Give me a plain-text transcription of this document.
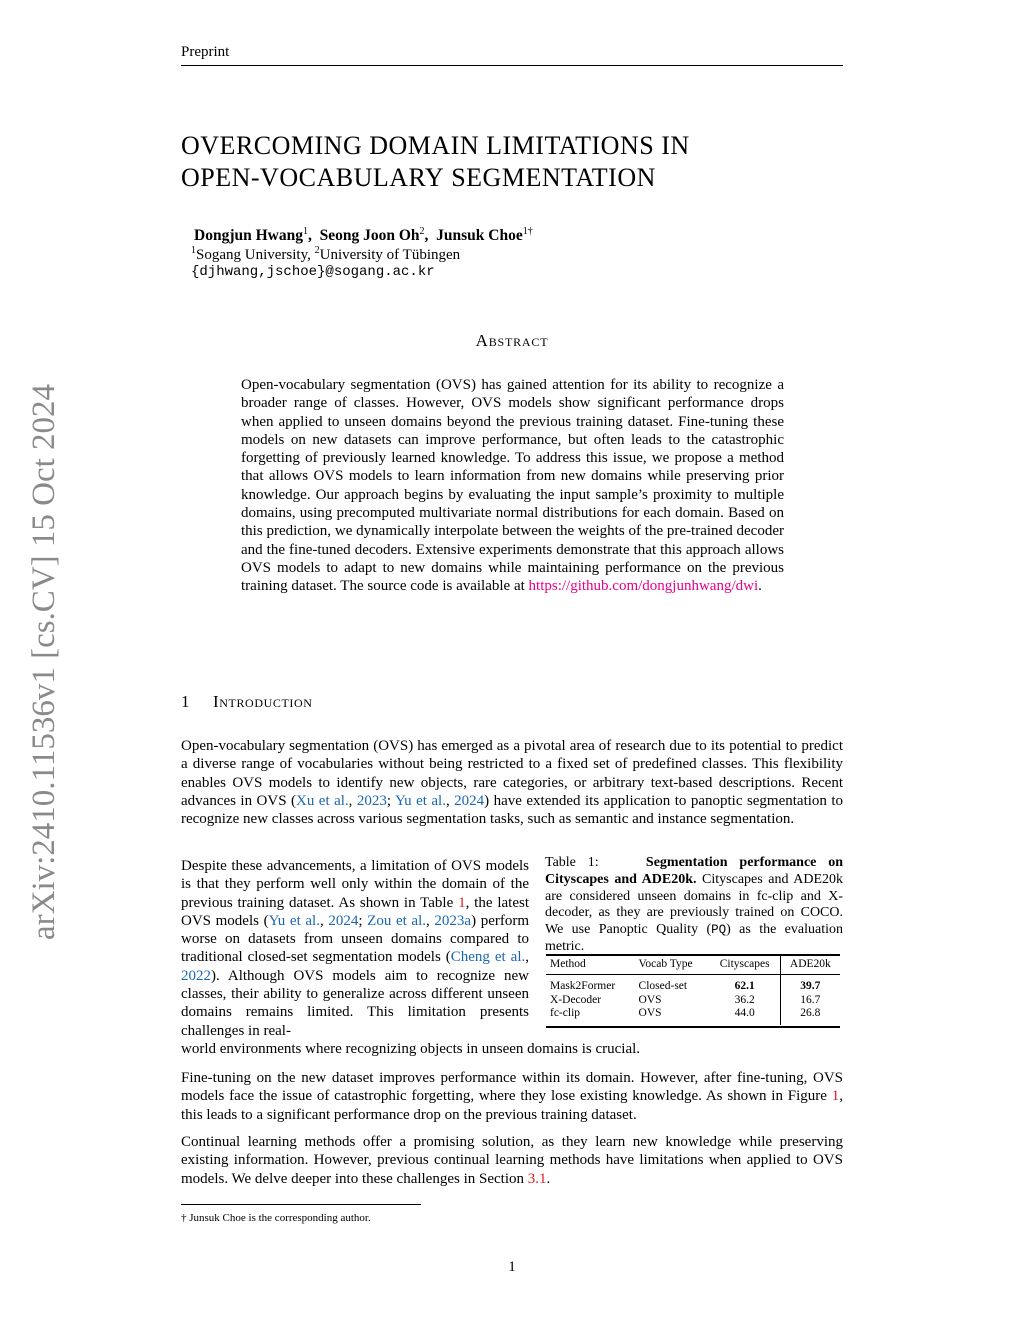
Preprint
arXiv:2410.11536v1 [cs.CV] 15 Oct 2024
OVERCOMING DOMAIN LIMITATIONS IN
OPEN-VOCABULARY SEGMENTATION
Dongjun Hwang$^1$,  Seong Joon Oh$^2$,  Junsuk Choe$^{1\dagger}$
$^1$Sogang University, $^2$University of Tübingen
{djhwang,jschoe}@sogang.ac.kr
Abstract

Open-vocabulary segmentation (OVS) has gained attention for its ability to recognize a broader range of classes. However, OVS models show significant performance drops when applied to unseen domains beyond the previous training dataset. Fine-tuning these models on new datasets can improve performance, but often leads to the catastrophic forgetting of previously learned knowledge. To address this issue, we propose a method that allows OVS models to learn information from new domains while preserving prior knowledge. Our approach begins by evaluating the input sample’s proximity to multiple domains, using precomputed multivariate normal distributions for each domain. Based on this prediction, we dynamically interpolate between the weights of the pre-trained decoder and the fine-tuned decoders. Extensive experiments demonstrate that this approach allows OVS models to adapt to new domains while maintaining performance on the previous training dataset. The source code is available at https://github.com/dongjunhwang/dwi.

1 Introduction

Open-vocabulary segmentation (OVS) has emerged as a pivotal area of research due to its potential to predict a diverse range of vocabularies without being restricted to a fixed set of predefined classes. This flexibility enables OVS models to identify new objects, rare categories, or arbitrary text-based descriptions. Recent advances in OVS (Xu et al., 2023; Yu et al., 2024) have extended its application to panoptic segmentation to recognize new classes across various segmentation tasks, such as semantic and instance segmentation.

Despite these advancements, a limitation of OVS models is that they perform well only within the domain of the previous training dataset. As shown in Table 1, the latest OVS models (Yu et al., 2024; Zou et al., 2023a) perform worse on datasets from unseen domains compared to traditional closed-set segmentation models (Cheng et al., 2022). Although OVS models aim to recognize new classes, their ability to generalize across different unseen domains remains limited. This limitation presents challenges in real-

world environments where recognizing objects in unseen domains is crucial.

Table 1:	Segmentation performance on Cityscapes and ADE20k. Cityscapes and ADE20k are considered unseen domains in fc-clip and X-decoder, as they are previously trained on COCO. We use Panoptic Quality (PQ) as the evaluation metric.

Method	Vocab Type	Cityscapes	ADE20k
Mask2Former	Closed-set	62.1	39.7
X-Decoder	OVS	36.2	16.7
fc-clip	OVS	44.0	26.8

Fine-tuning on the new dataset improves performance within its domain. However, after fine-tuning, OVS models face the issue of catastrophic forgetting, where they lose existing knowledge. As shown in Figure 1, this leads to a significant performance drop on the previous training dataset.

Continual learning methods offer a promising solution, as they learn new knowledge while preserving existing information. However, previous continual learning methods have limitations when applied to OVS models. We delve deeper into these challenges in Section 3.1.

† Junsuk Choe is the corresponding author.
1
